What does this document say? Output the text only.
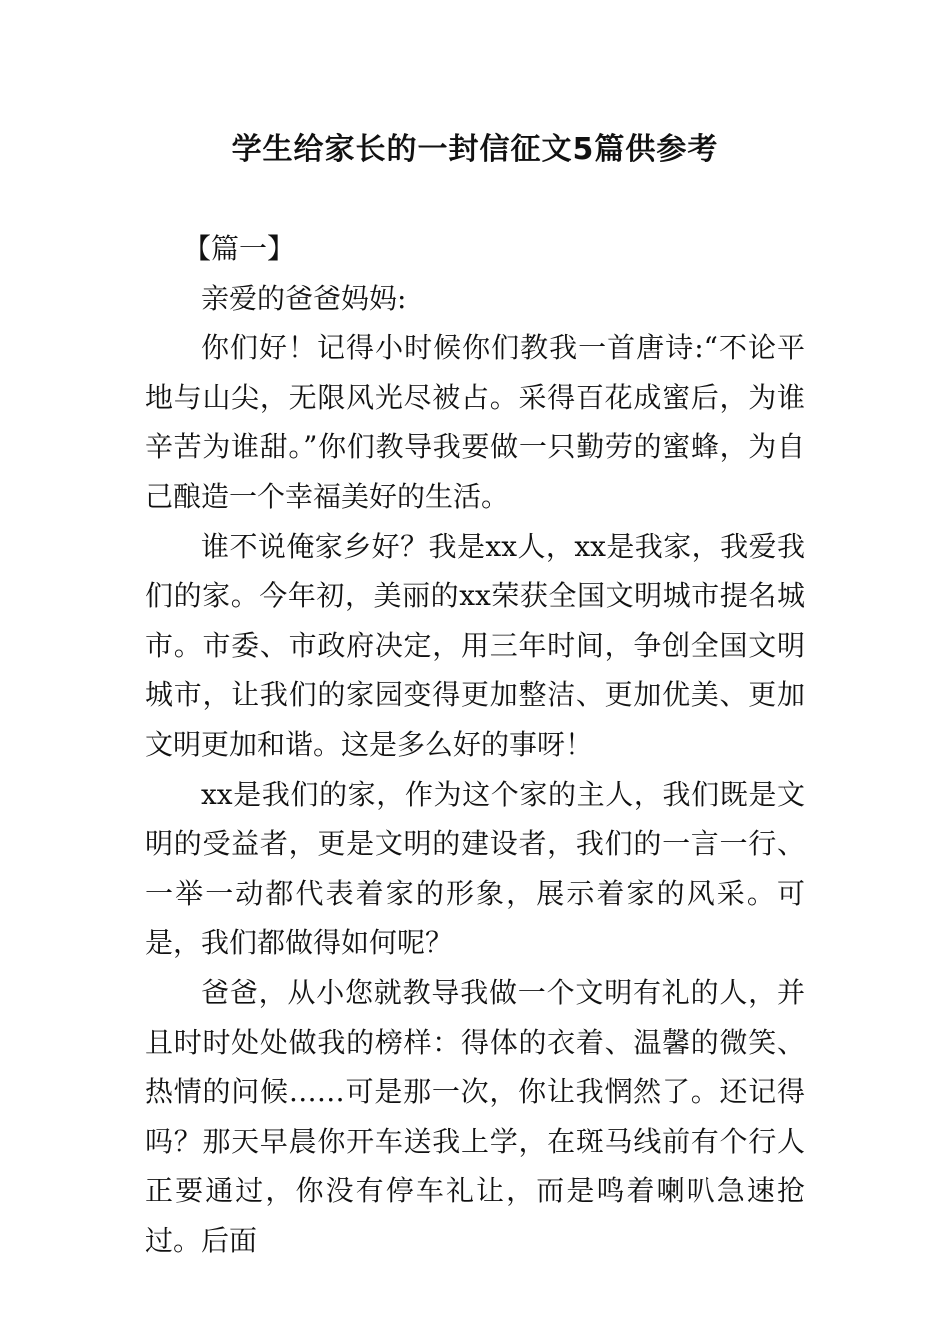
学生给家长的一封信征文5篇供参考
【篇一】

亲爱的爸爸妈妈:

你们好！记得小时候你们教我一首唐诗:“不论平地与山尖，无限风光尽被占。采得百花成蜜后，为谁辛苦为谁甜。”你们教导我要做一只勤劳的蜜蜂，为自己酿造一个幸福美好的生活。

谁不说俺家乡好？我是xx人，xx是我家，我爱我们的家。今年初，美丽的xx荣获全国文明城市提名城市。市委、市政府决定，用三年时间，争创全国文明城市，让我们的家园变得更加整洁、更加优美、更加文明更加和谐。这是多么好的事呀！

xx是我们的家，作为这个家的主人，我们既是文明的受益者，更是文明的建设者，我们的一言一行、一举一动都代表着家的形象，展示着家的风采。可是，我们都做得如何呢？

爸爸，从小您就教导我做一个文明有礼的人，并且时时处处做我的榜样：得体的衣着、温馨的微笑、热情的问候……可是那一次，你让我惘然了。还记得吗？那天早晨你开车送我上学，在斑马线前有个行人正要通过，你没有停车礼让，而是鸣着喇叭急速抢过。后面
